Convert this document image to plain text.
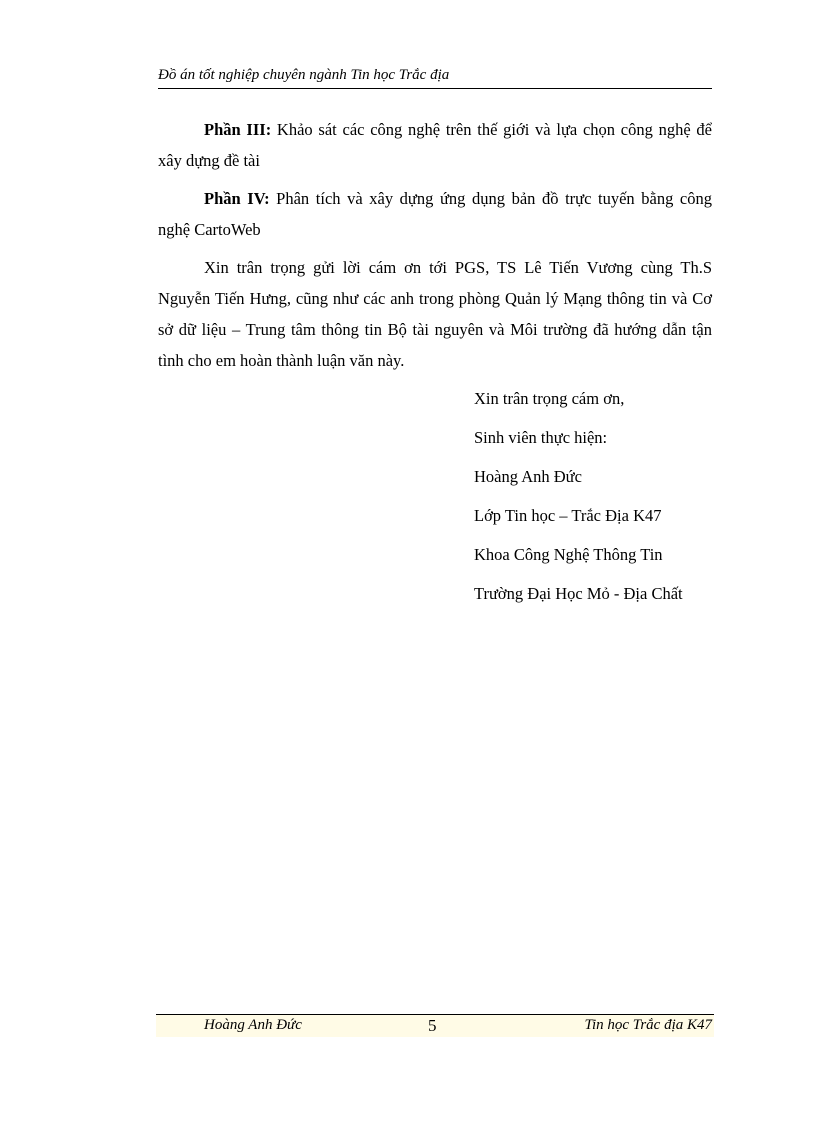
Đồ án tốt nghiệp chuyên ngành Tin học Trắc địa

Phần III: Khảo sát các công nghệ trên thế giới và lựa chọn công nghệ để xây dựng đề tài

Phần IV: Phân tích và xây dựng ứng dụng bản đồ trực tuyến bằng công nghệ CartoWeb

Xin trân trọng gửi lời cám ơn tới PGS, TS Lê Tiến Vương cùng Th.S Nguyễn Tiến Hưng, cũng như các anh trong phòng Quản lý Mạng thông tin và Cơ sở dữ liệu – Trung tâm thông tin Bộ tài nguyên và Môi trường đã hướng dẫn tận tình cho em hoàn thành luận văn này.

Xin trân trọng cám ơn,
Sinh viên thực hiện:
Hoàng Anh Đức
Lớp Tin học – Trắc Địa K47
Khoa Công Nghệ Thông Tin
Trường Đại Học Mỏ - Địa Chất
Hoàng Anh Đức	5	Tin học Trắc địa K47
